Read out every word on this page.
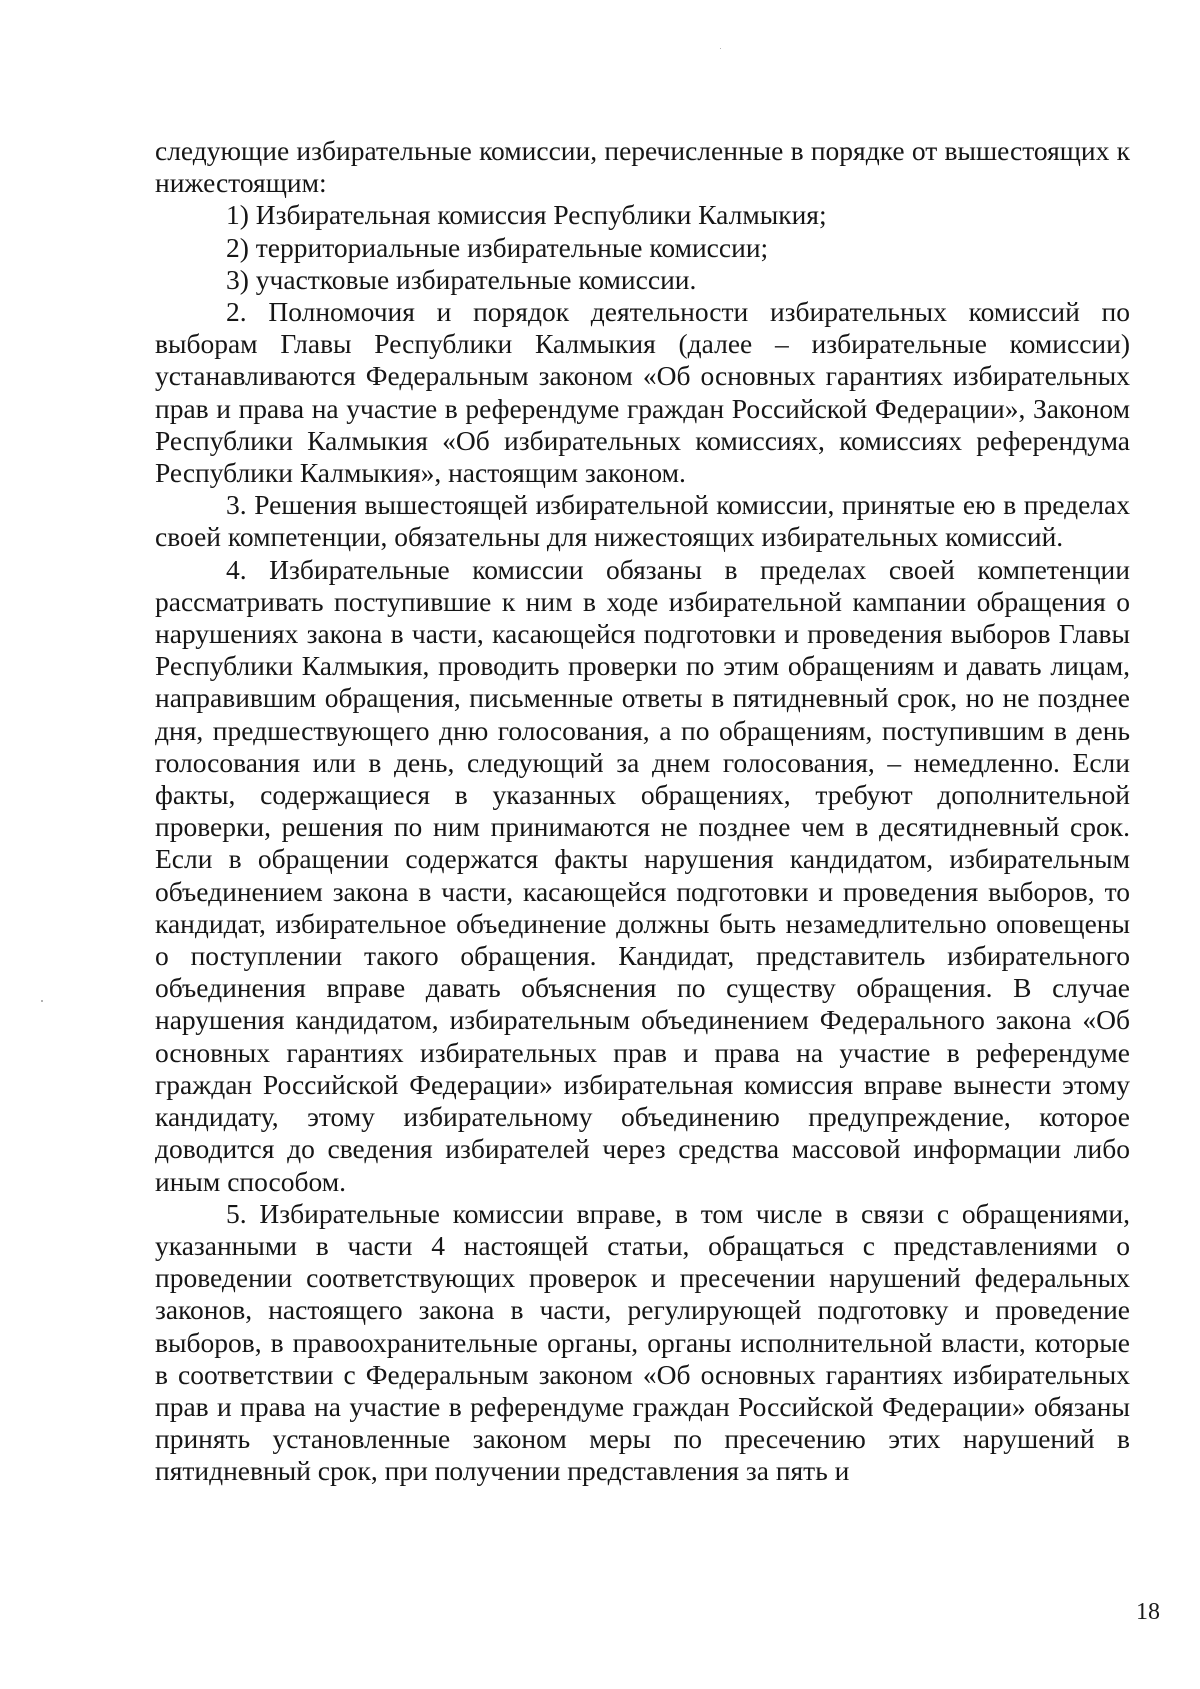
следующие избирательные комиссии, перечисленные в порядке от вышестоящих к нижестоящим:

1) Избирательная комиссия Республики Калмыкия;

2) территориальные избирательные комиссии;

3) участковые избирательные комиссии.

2. Полномочия и порядок деятельности избирательных комиссий по выборам Главы Республики Калмыкия (далее – избирательные комиссии) устанавливаются Федеральным законом «Об основных гарантиях избирательных прав и права на участие в референдуме граждан Российской Федерации», Законом Республики Калмыкия «Об избирательных комиссиях, комиссиях референдума Республики Калмыкия», настоящим законом.

3. Решения вышестоящей избирательной комиссии, принятые ею в пределах своей компетенции, обязательны для нижестоящих избирательных комиссий.

4. Избирательные комиссии обязаны в пределах своей компетенции рассматривать поступившие к ним в ходе избирательной кампании обращения о нарушениях закона в части, касающейся подготовки и проведения выборов Главы Республики Калмыкия, проводить проверки по этим обращениям и давать лицам, направившим обращения, письменные ответы в пятидневный срок, но не позднее дня, предшествующего дню голосования, а по обращениям, поступившим в день голосования или в день, следующий за днем голосования, – немедленно. Если факты, содержащиеся в указанных обращениях, требуют дополнительной проверки, решения по ним принимаются не позднее чем в десятидневный срок. Если в обращении содержатся факты нарушения кандидатом, избирательным объединением закона в части, касающейся подготовки и проведения выборов, то кандидат, избирательное объединение должны быть незамедлительно оповещены о поступлении такого обращения. Кандидат, представитель избирательного объединения вправе давать объяснения по существу обращения. В случае нарушения кандидатом, избирательным объединением Федерального закона «Об основных гарантиях избирательных прав и права на участие в референдуме граждан Российской Федерации» избирательная комиссия вправе вынести этому кандидату, этому избирательному объединению предупреждение, которое доводится до сведения избирателей через средства массовой информации либо иным способом.

5. Избирательные комиссии вправе, в том числе в связи с обращениями, указанными в части 4 настоящей статьи, обращаться с представлениями о проведении соответствующих проверок и пресечении нарушений федеральных законов, настоящего закона в части, регулирующей подготовку и проведение выборов, в правоохранительные органы, органы исполнительной власти, которые в соответствии с Федеральным законом «Об основных гарантиях избирательных прав и права на участие в референдуме граждан Российской Федерации» обязаны принять установленные законом меры по пресечению этих нарушений в пятидневный срок, при получении представления за пять и

18
